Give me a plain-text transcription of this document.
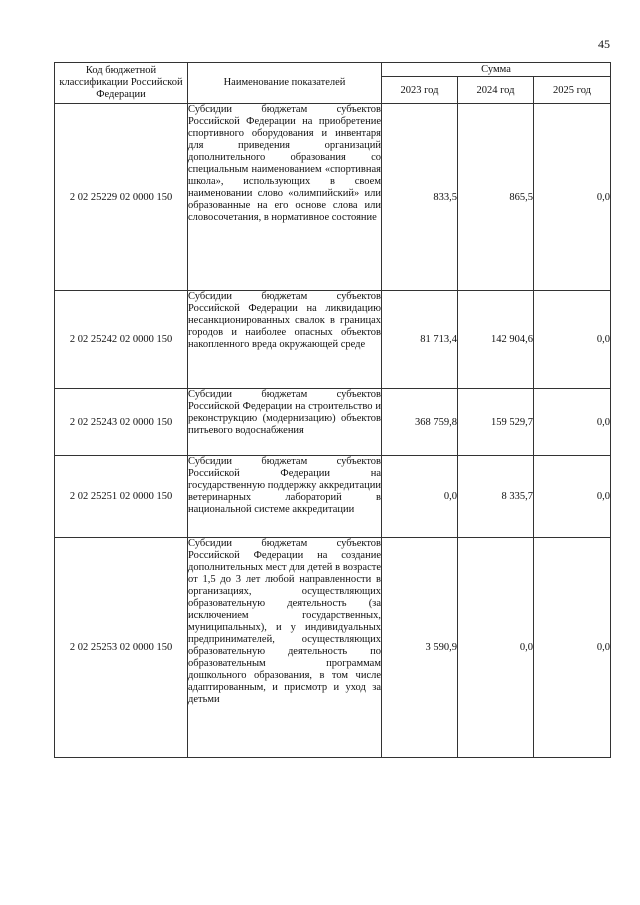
45
Код бюджетной классификации Российской Федерации	Наименование показателей	Сумма		
		2023 год	2024 год	2025 год
2 02 25229 02 0000 150	Субсидии бюджетам субъектов Российской Федерации на приобретение спортивного оборудования и инвентаря для приведения организаций дополнительного образования со специальным наименованием «спортивная школа», использующих в своем наименовании слово «олимпийский» или образованные на его основе слова или словосочетания, в нормативное состояние	833,5	865,5	0,0
2 02 25242 02 0000 150	Субсидии бюджетам субъектов Российской Федерации на ликвидацию несанкционированных свалок в границах городов и наиболее опасных объектов накопленного вреда окружающей среде	81 713,4	142 904,6	0,0
2 02 25243 02 0000 150	Субсидии бюджетам субъектов Российской Федерации на строительство и реконструкцию (модернизацию) объектов питьевого водоснабжения	368 759,8	159 529,7	0,0
2 02 25251 02 0000 150	Субсидии бюджетам субъектов Российской Федерации на государственную поддержку аккредитации ветеринарных лабораторий в национальной системе аккредитации	0,0	8 335,7	0,0
2 02 25253 02 0000 150	Субсидии бюджетам субъектов Российской Федерации на создание дополнительных мест для детей в возрасте от 1,5 до 3 лет любой направленности в организациях, осуществляющих образовательную деятельность (за исключением государственных, муниципальных), и у индивидуальных предпринимателей, осуществляющих образовательную деятельность по образовательным программам дошкольного образования, в том числе адаптированным, и присмотр и уход за детьми	3 590,9	0,0	0,0
